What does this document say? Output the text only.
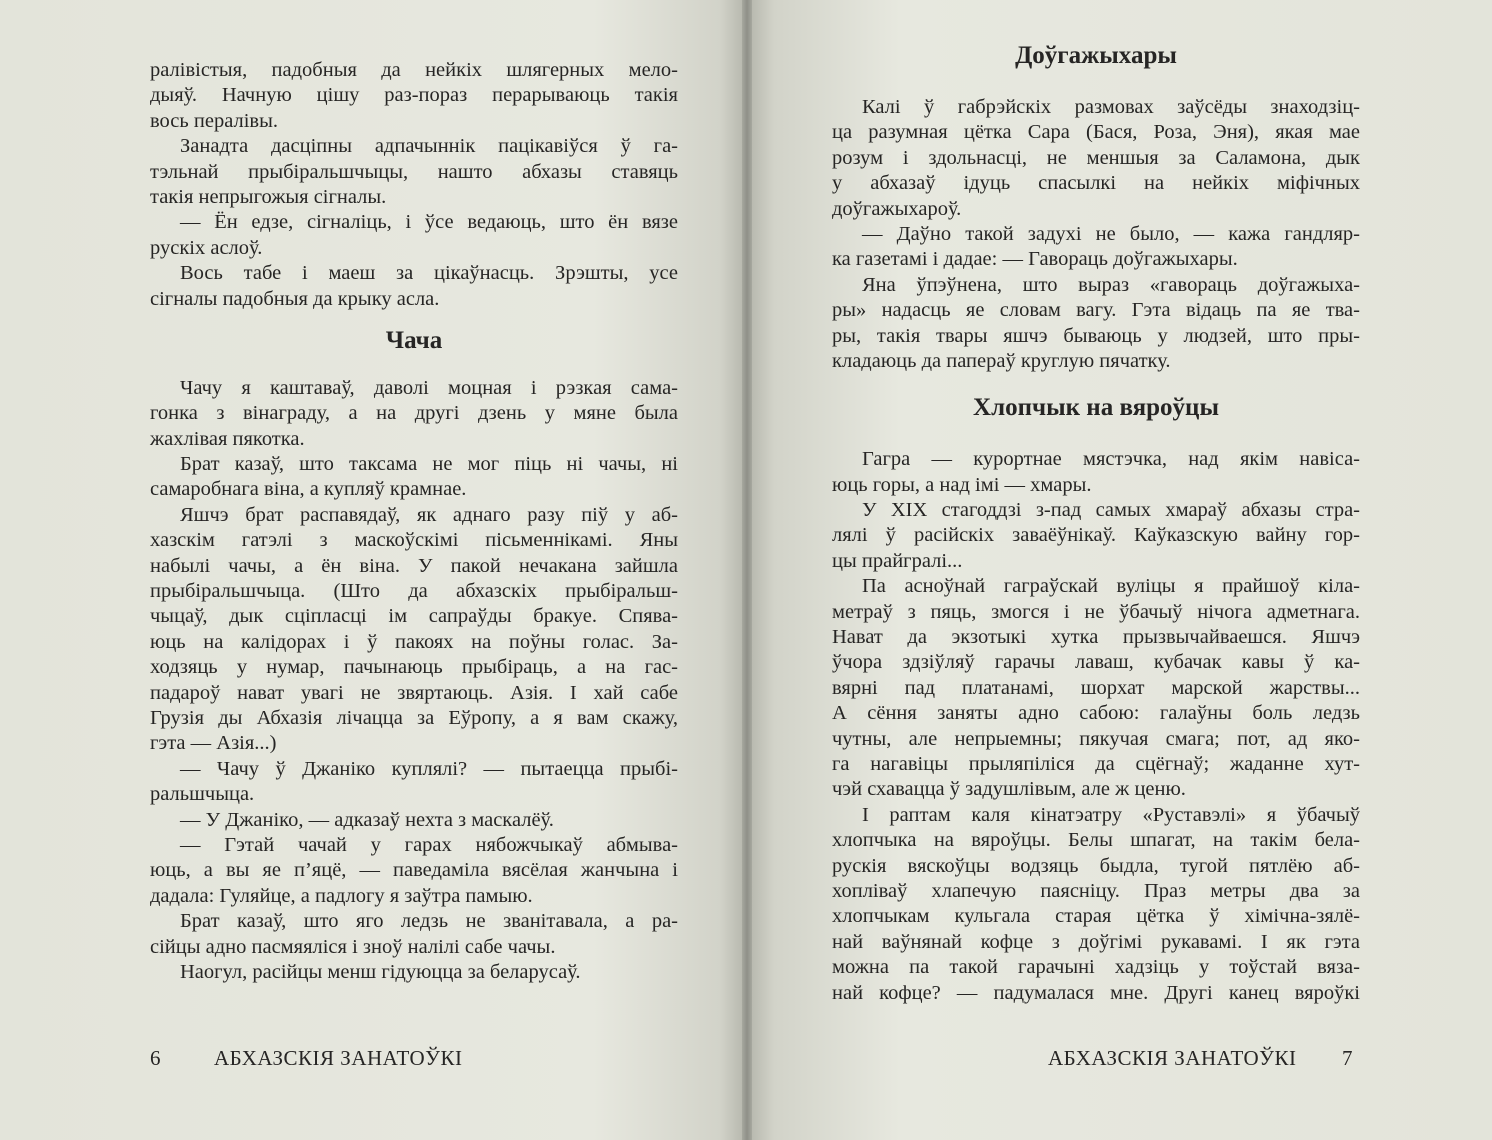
ралівістыя, падобныя да нейкіх шлягерных мело-
дыяў. Начную цішу раз-пораз перарываюць такія
вось пералівы.
Занадта дасціпны адпачыннік пацікавіўся ў га-
тэльнай прыбіральшчыцы, нашто абхазы ставяць
такія непрыгожыя сігналы.
— Ён едзе, сігналіць, і ўсе ведаюць, што ён вязе
рускіх аслоў.
Вось табе і маеш за цікаўнасць. Зрэшты, усе
сігналы падобныя да крыку асла.
Чача
Чачу я каштаваў, даволі моцная і рэзкая сама-
гонка з вінаграду, а на другі дзень у мяне была
жахлівая пякотка.
Брат казаў, што таксама не мог піць ні чачы, ні
самаробнага віна, а купляў крамнае.
Яшчэ брат распавядаў, як аднаго разу піў у аб-
хазскім гатэлі з маскоўскімі пісьменнікамі. Яны
набылі чачы, а ён віна. У пакой нечакана зайшла
прыбіральшчыца. (Што да абхазскіх прыбіральш-
чыцаў, дык сціпласці ім сапраўды бракуе. Спява-
юць на калідорах і ў пакоях на поўны голас. За-
ходзяць у нумар, пачынаюць прыбіраць, а на гас-
падароў нават увагі не звяртаюць. Азія. І хай сабе
Грузія ды Абхазія лічацца за Еўропу, а я вам скажу,
гэта — Азія...)
— Чачу ў Джаніко куплялі? — пытаецца прыбі-
ральшчыца.
— У Джаніко, — адказаў нехта з маскалёў.
— Гэтай чачай у гарах нябожчыкаў абмыва-
юць, а вы яе п’яцё, — паведаміла вясёлая жанчына і
дадала: Гуляйце, а падлогу я заўтра памыю.
Брат казаў, што яго ледзь не званітавала, а ра-
сійцы адно пасмяяліся і зноў налілі сабе чачы.
Наогул, расійцы менш гідуюцца за беларусаў.
6	АБХАЗСКІЯ ЗАНАТОЎКІ
Доўгажыхары
Калі ў габрэйскіх размовах заўсёды знаходзіц-
ца разумная цётка Сара (Бася, Роза, Эня), якая мае
розум і здольнасці, не меншыя за Саламона, дык
у абхазаў ідуць спасылкі на нейкіх міфічных
доўгажыхароў.
— Даўно такой задухі не было, — кажа гандляр-
ка газетамі і дадае: — Гавораць доўгажыхары.
Яна ўпэўнена, што выраз «гавораць доўгажыха-
ры» надасць яе словам вагу. Гэта відаць па яе тва-
ры, такія твары яшчэ бываюць у людзей, што пры-
кладаюць да папераў круглую пячатку.
Хлопчык на вяроўцы
Гагра — курортнае мястэчка, над якім навіса-
юць горы, а над імі — хмары.
У XIX стагоддзі з-пад самых хмараў абхазы стра-
лялі ў расійскіх заваёўнікаў. Каўказскую вайну гор-
цы прайгралі...
Па асноўнай гаграўскай вуліцы я прайшоў кіла-
метраў з пяць, змогся і не ўбачыў нічога адметнага.
Нават да экзотыкі хутка прызвычайваешся. Яшчэ
ўчора здзіўляў гарачы лаваш, кубачак кавы ў ка-
вярні пад платанамі, шорхат марской жарствы...
А сёння заняты адно сабою: галаўны боль ледзь
чутны, але непрыемны; пякучая смага; пот, ад яко-
га нагавіцы прыляпіліся да сцёгнаў; жаданне хут-
чэй схавацца ў задушлівым, але ж ценю.
І раптам каля кінатэатру «Руставэлі» я ўбачыў
хлопчыка на вяроўцы. Белы шпагат, на такім бела-
рускія вяскоўцы водзяць быдла, тугой пятлёю аб-
хопліваў хлапечую паясніцу. Праз метры два за
хлопчыкам кульгала старая цётка ў хімічна-зялё-
най ваўнянай кофце з доўгімі рукавамі. І як гэта
можна па такой гарачыні хадзіць у тоўстай вяза-
най кофце? — падумалася мне. Другі канец вяроўкі
АБХАЗСКІЯ ЗАНАТОЎКІ 7
